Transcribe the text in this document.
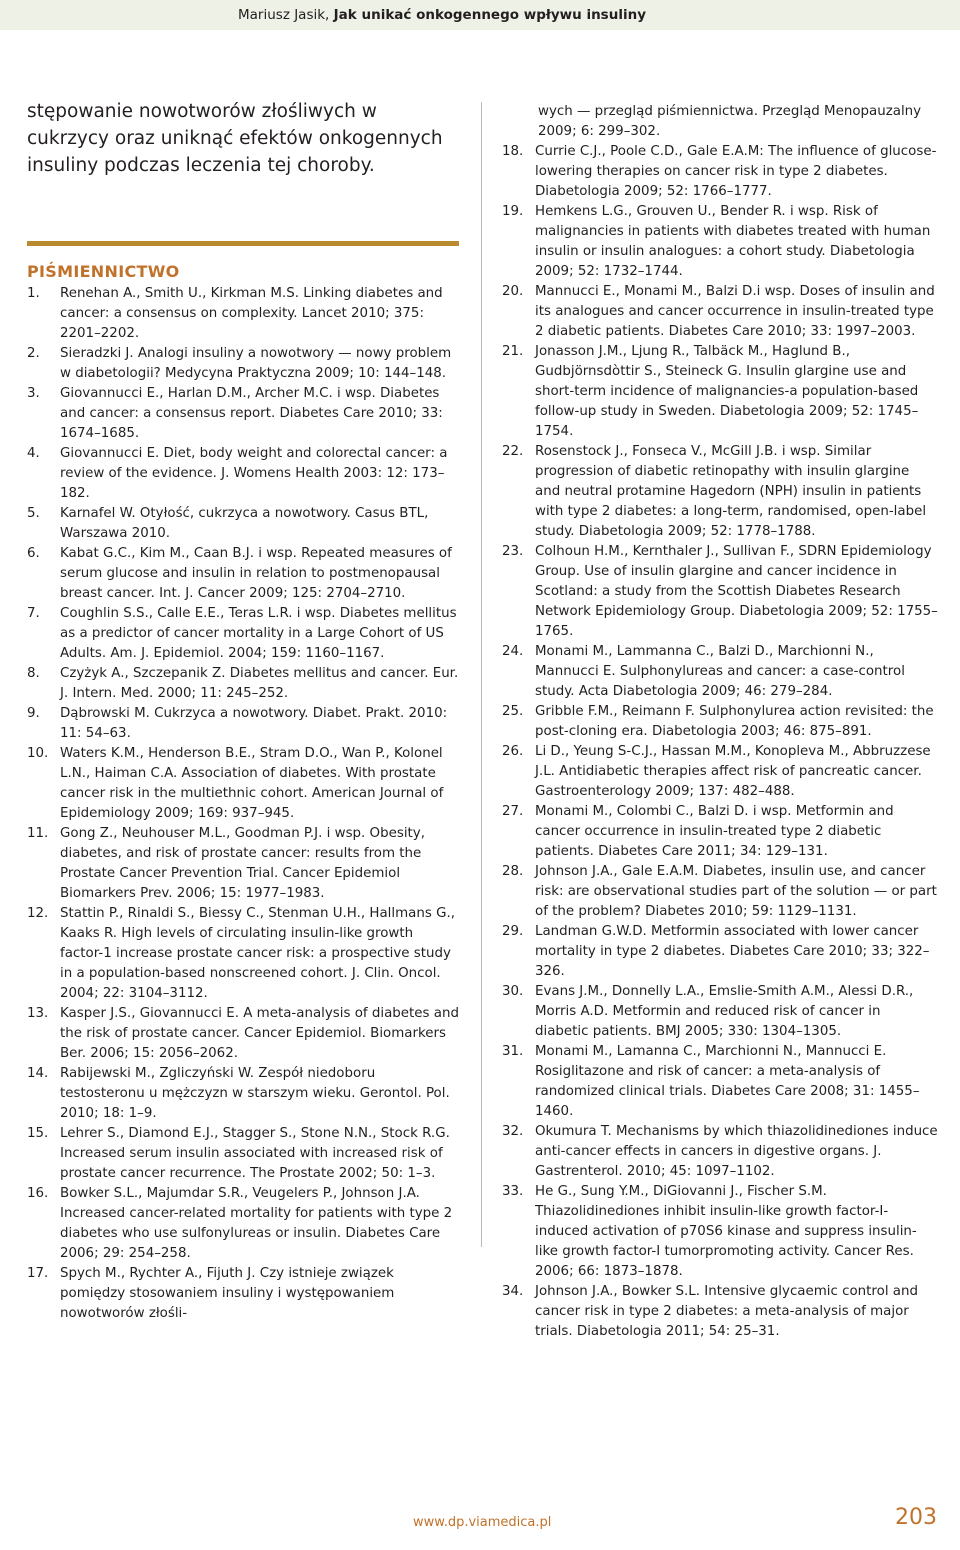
Mariusz Jasik, Jak unikać onkogennego wpływu insuliny

stępowanie nowotworów złośliwych w cukrzycy oraz uniknąć efektów onkogennych insuliny podczas leczenia tej choroby.

PIŚMIENNICTWO
1.	Renehan A., Smith U., Kirkman M.S. Linking diabetes and cancer: a consensus on complexity. Lancet 2010; 375: 2201–2202.
2.	Sieradzki J. Analogi insuliny a nowotwory — nowy problem w diabetologii? Medycyna Praktyczna 2009; 10: 144–148.
3.	Giovannucci E., Harlan D.M., Archer M.C. i wsp. Diabetes and cancer: a consensus report. Diabetes Care 2010; 33: 1674–1685.
4.	Giovannucci E. Diet, body weight and colorectal cancer: a review of the evidence. J. Womens Health 2003: 12: 173–182.
5.	Karnafel W. Otyłość, cukrzyca a nowotwory. Casus BTL, Warszawa 2010.
6.	Kabat G.C., Kim M., Caan B.J. i wsp. Repeated measures of serum glucose and insulin in relation to postmenopausal breast cancer. Int. J. Cancer 2009; 125: 2704–2710.
7.	Coughlin S.S., Calle E.E., Teras L.R. i wsp. Diabetes mellitus as a predictor of cancer mortality in a Large Cohort of US Adults. Am. J. Epidemiol. 2004; 159: 1160–1167.
8.	Czyżyk A., Szczepanik Z. Diabetes mellitus and cancer. Eur. J. Intern. Med. 2000; 11: 245–252.
9.	Dąbrowski M. Cukrzyca a nowotwory. Diabet. Prakt. 2010: 11: 54–63.
10. Waters K.M., Henderson B.E., Stram D.O., Wan P., Kolonel L.N., Haiman C.A. Association of diabetes. With prostate cancer risk in the multiethnic cohort. American Journal of Epidemiology 2009; 169: 937–945.
11. Gong Z., Neuhouser M.L., Goodman P.J. i wsp. Obesity, diabetes, and risk of prostate cancer: results from the Prostate Cancer Prevention Trial. Cancer Epidemiol Biomarkers Prev. 2006; 15: 1977–1983.
12. Stattin P., Rinaldi S., Biessy C., Stenman U.H., Hallmans G., Kaaks R. High levels of circulating insulin-like growth factor-1 increase prostate cancer risk: a prospective study in a population-based nonscreened cohort. J. Clin. Oncol. 2004; 22: 3104–3112.
13. Kasper J.S., Giovannucci E. A meta-analysis of diabetes and the risk of prostate cancer. Cancer Epidemiol. Biomarkers Ber. 2006; 15: 2056–2062.
14. Rabijewski M., Zgliczyński W. Zespół niedoboru testosteronu u mężczyzn w starszym wieku. Gerontol. Pol. 2010; 18: 1–9.
15. Lehrer S., Diamond E.J., Stagger S., Stone N.N., Stock R.G. Increased serum insulin associated with increased risk of prostate cancer recurrence. The Prostate 2002; 50: 1–3.
16. Bowker S.L., Majumdar S.R., Veugelers P., Johnson J.A. Increased cancer-related mortality for patients with type 2 diabetes who use sulfonylureas or insulin. Diabetes Care 2006; 29: 254–258.
17. Spych M., Rychter A., Fijuth J. Czy istnieje związek pomiędzy stosowaniem insuliny i występowaniem nowotworów złośli-
wych — przegląd piśmiennictwa. Przegląd Menopauzalny 2009; 6: 299–302.
18. Currie C.J., Poole C.D., Gale E.A.M: The influence of glucose-lowering therapies on cancer risk in type 2 diabetes. Diabetologia 2009; 52: 1766–1777.
19. Hemkens L.G., Grouven U., Bender R. i wsp. Risk of malignancies in patients with diabetes treated with human insulin or insulin analogues: a cohort study. Diabetologia 2009; 52: 1732–1744.
20. Mannucci E., Monami M., Balzi D.i wsp. Doses of insulin and its analogues and cancer occurrence in insulin-treated type 2 diabetic patients. Diabetes Care 2010; 33: 1997–2003.
21. Jonasson J.M., Ljung R., Talbäck M., Haglund B., Gudbjörnsdòttir S., Steineck G. Insulin glargine use and short-term incidence of malignancies-a population-based follow-up study in Sweden. Diabetologia 2009; 52: 1745–1754.
22. Rosenstock J., Fonseca V., McGill J.B. i wsp. Similar progression of diabetic retinopathy with insulin glargine and neutral protamine Hagedorn (NPH) insulin in patients with type 2 diabetes: a long-term, randomised, open-label study. Diabetologia 2009; 52: 1778–1788.
23. Colhoun H.M., Kernthaler J., Sullivan F., SDRN Epidemiology Group. Use of insulin glargine and cancer incidence in Scotland: a study from the Scottish Diabetes Research Network Epidemiology Group. Diabetologia 2009; 52: 1755–1765.
24. Monami M., Lammanna C., Balzi D., Marchionni N., Mannucci E. Sulphonylureas and cancer: a case-control study. Acta Diabetologia 2009; 46: 279–284.
25. Gribble F.M., Reimann F. Sulphonylurea action revisited: the post-cloning era. Diabetologia 2003; 46: 875–891.
26. Li D., Yeung S-C.J., Hassan M.M., Konopleva M., Abbruzzese J.L. Antidiabetic therapies affect risk of pancreatic cancer. Gastroenterology 2009; 137: 482–488.
27. Monami M., Colombi C., Balzi D. i wsp. Metformin and cancer occurrence in insulin-treated type 2 diabetic patients. Diabetes Care 2011; 34: 129–131.
28. Johnson J.A., Gale E.A.M. Diabetes, insulin use, and cancer risk: are observational studies part of the solution — or part of the problem? Diabetes 2010; 59: 1129–1131.
29. Landman G.W.D. Metformin associated with lower cancer mortality in type 2 diabetes. Diabetes Care 2010; 33; 322–326.
30. Evans J.M., Donnelly L.A., Emslie-Smith A.M., Alessi D.R., Morris A.D. Metformin and reduced risk of cancer in diabetic patients. BMJ 2005; 330: 1304–1305.
31. Monami M., Lamanna C., Marchionni N., Mannucci E. Rosiglitazone and risk of cancer: a meta-analysis of randomized clinical trials. Diabetes Care 2008; 31: 1455–1460.
32. Okumura T. Mechanisms by which thiazolidinediones induce anti-cancer effects in cancers in digestive organs. J. Gastrenterol. 2010; 45: 1097–1102.
33. He G., Sung Y.M., DiGiovanni J., Fischer S.M. Thiazolidinediones inhibit insulin-like growth factor-I-induced activation of p70S6 kinase and suppress insulin-like growth factor-I tumorpromoting activity. Cancer Res. 2006; 66: 1873–1878.
34. Johnson J.A., Bowker S.L. Intensive glycaemic control and cancer risk in type 2 diabetes: a meta-analysis of major trials. Diabetologia 2011; 54: 25–31.
www.dp.viamedica.pl	203
